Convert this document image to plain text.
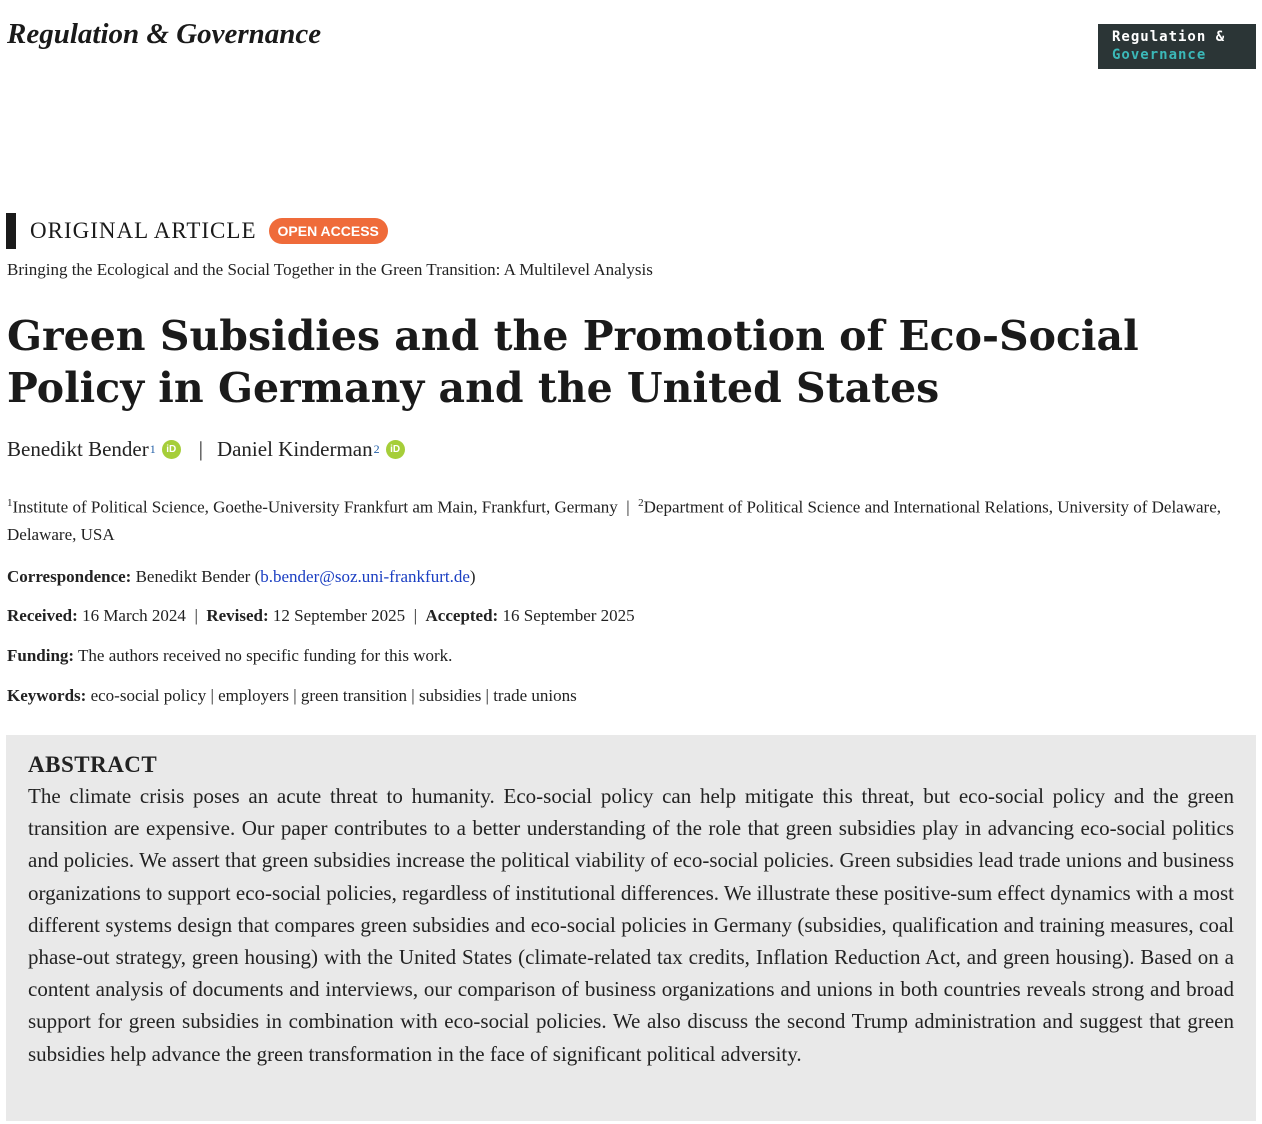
Regulation & Governance	Regulation &
Governance
ORIGINAL ARTICLE	OPEN ACCESS
Bringing the Ecological and the Social Together in the Green Transition: A Multilevel Analysis
Green Subsidies and the Promotion of Eco-Social Policy in Germany and the United States
Benedikt Bender 1	iD | Daniel Kinderman 2	iD
$^1$Institute of Political Science, Goethe-University Frankfurt am Main, Frankfurt, Germany | $^2$Department of Political Science and International Relations, University of Delaware, Delaware, USA
Correspondence: Benedikt Bender (b.bender@soz.uni-frankfurt.de)
Received: 16 March 2024 | Revised: 12 September 2025 | Accepted: 16 September 2025
Funding: The authors received no specific funding for this work.
Keywords: eco-social policy | employers | green transition | subsidies | trade unions
ABSTRACT

The climate crisis poses an acute threat to humanity. Eco-social policy can help mitigate this threat, but eco-social policy and the green transition are expensive. Our paper contributes to a better understanding of the role that green subsidies play in advancing eco-social politics and policies. We assert that green subsidies increase the political viability of eco-social policies. Green subsidies lead trade unions and business organizations to support eco-social policies, regardless of institutional differences. We illustrate these positive-sum effect dynamics with a most different systems design that compares green subsidies and eco-social policies in Germany (subsidies, qualification and training measures, coal phase-out strategy, green housing) with the United States (climate-related tax credits, Inflation Reduction Act, and green housing). Based on a content analysis of documents and interviews, our comparison of business organizations and unions in both countries reveals strong and broad support for green subsidies in combination with eco-social policies. We also discuss the second Trump administration and suggest that green subsidies help advance the green transformation in the face of significant political adversity.
